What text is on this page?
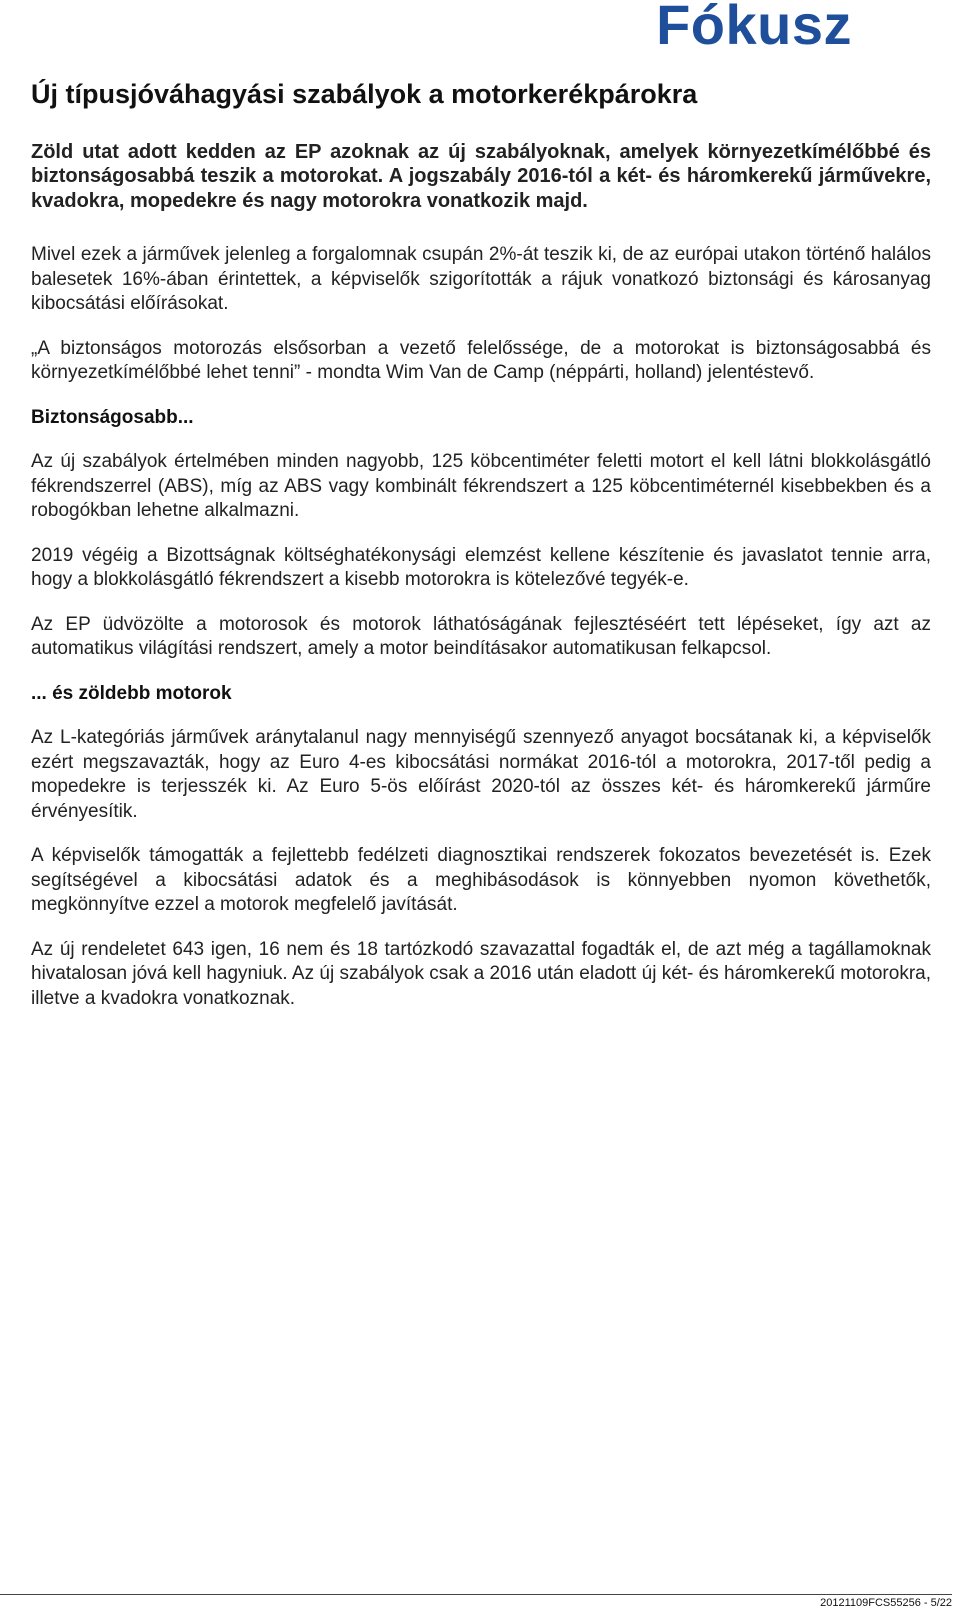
Fókusz
Új típusjóváhagyási szabályok a motorkerékpárokra

Zöld utat adott kedden az EP azoknak az új szabályoknak, amelyek környezetkímélőbbé és biztonságosabbá teszik a motorokat. A jogszabály 2016-tól a két- és háromkerekű járművekre, kvadokra, mopedekre és nagy motorokra vonatkozik majd.

Mivel ezek a járművek jelenleg a forgalomnak csupán 2%-át teszik ki, de az európai utakon történő halálos balesetek 16%-ában érintettek, a képviselők szigorították a rájuk vonatkozó biztonsági és károsanyag kibocsátási előírásokat.

„A biztonságos motorozás elsősorban a vezető felelőssége, de a motorokat is biztonságosabbá és környezetkímélőbbé lehet tenni” - mondta Wim Van de Camp (néppárti, holland) jelentéstevő.

Biztonságosabb...

Az új szabályok értelmében minden nagyobb, 125 köbcentiméter feletti motort el kell látni blokkolásgátló fékrendszerrel (ABS), míg az ABS vagy kombinált fékrendszert a 125 köbcentiméternél kisebbekben és a robogókban lehetne alkalmazni.

2019 végéig a Bizottságnak költséghatékonysági elemzést kellene készítenie és javaslatot tennie arra, hogy a blokkolásgátló fékrendszert a kisebb motorokra is kötelezővé tegyék-e.

Az EP üdvözölte a motorosok és motorok láthatóságának fejlesztéséért tett lépéseket, így azt az automatikus világítási rendszert, amely a motor beindításakor automatikusan felkapcsol.

... és zöldebb motorok

Az L-kategóriás járművek aránytalanul nagy mennyiségű szennyező anyagot bocsátanak ki, a képviselők ezért megszavazták, hogy az Euro 4-es kibocsátási normákat 2016-tól a motorokra, 2017-től pedig a mopedekre is terjesszék ki. Az Euro 5-ös előírást 2020-tól az összes két- és háromkerekű járműre érvényesítik.

A képviselők támogatták a fejlettebb fedélzeti diagnosztikai rendszerek fokozatos bevezetését is. Ezek segítségével a kibocsátási adatok és a meghibásodások is könnyebben nyomon követhetők, megkönnyítve ezzel a motorok megfelelő javítását.

Az új rendeletet 643 igen, 16 nem és 18 tartózkodó szavazattal fogadták el, de azt még a tagállamoknak hivatalosan jóvá kell hagyniuk. Az új szabályok csak a 2016 után eladott új két- és háromkerekű motorokra, illetve a kvadokra vonatkoznak.

20121109FCS55256 - 5/22
